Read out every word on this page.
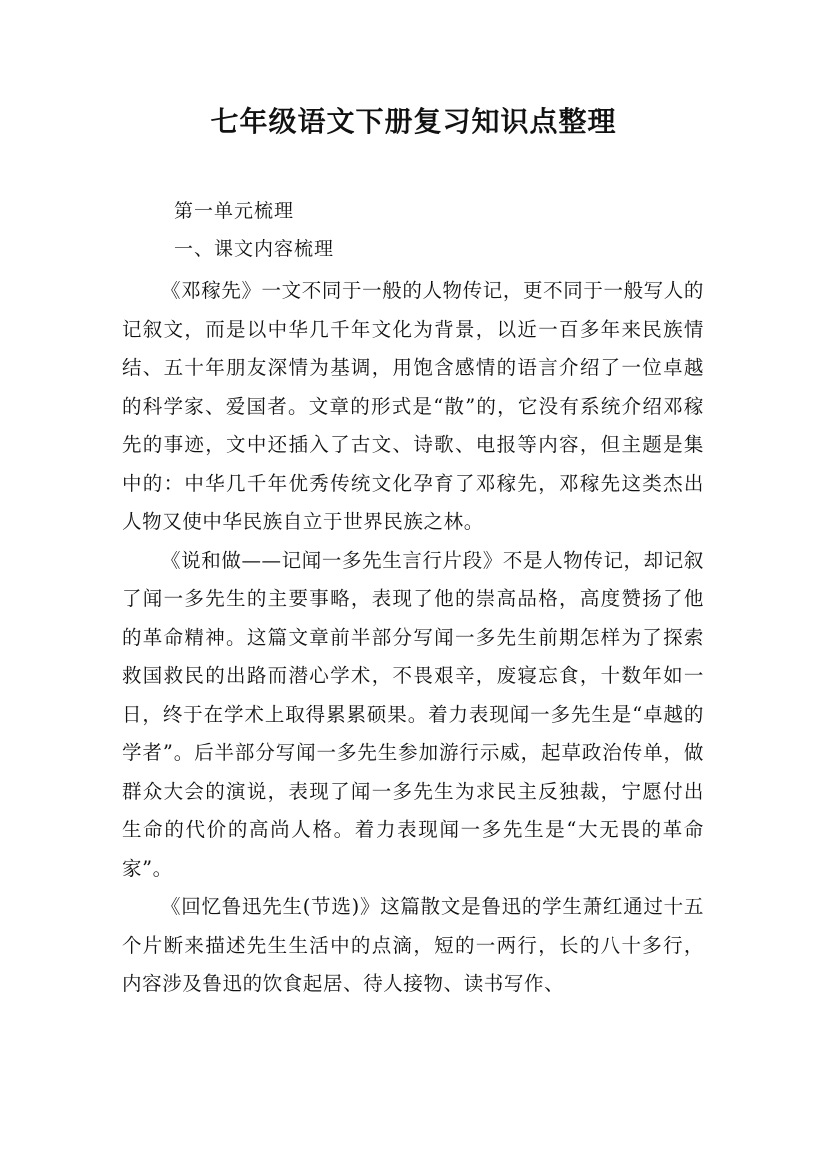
七年级语文下册复习知识点整理

第一单元梳理

一、课文内容梳理

《邓稼先》一文不同于一般的人物传记，更不同于一般写人的记叙文，而是以中华几千年文化为背景，以近一百多年来民族情结、五十年朋友深情为基调，用饱含感情的语言介绍了一位卓越的科学家、爱国者。文章的形式是“散”的，它没有系统介绍邓稼先的事迹，文中还插入了古文、诗歌、电报等内容，但主题是集中的：中华几千年优秀传统文化孕育了邓稼先，邓稼先这类杰出人物又使中华民族自立于世界民族之林。

《说和做——记闻一多先生言行片段》不是人物传记，却记叙了闻一多先生的主要事略，表现了他的崇高品格，高度赞扬了他的革命精神。这篇文章前半部分写闻一多先生前期怎样为了探索救国救民的出路而潜心学术，不畏艰辛，废寝忘食，十数年如一日，终于在学术上取得累累硕果。着力表现闻一多先生是“卓越的学者”。后半部分写闻一多先生参加游行示威，起草政治传单，做群众大会的演说，表现了闻一多先生为求民主反独裁，宁愿付出生命的代价的高尚人格。着力表现闻一多先生是“大无畏的革命家”。

《回忆鲁迅先生(节选)》这篇散文是鲁迅的学生萧红通过十五个片断来描述先生生活中的点滴，短的一两行，长的八十多行，内容涉及鲁迅的饮食起居、待人接物、读书写作、
